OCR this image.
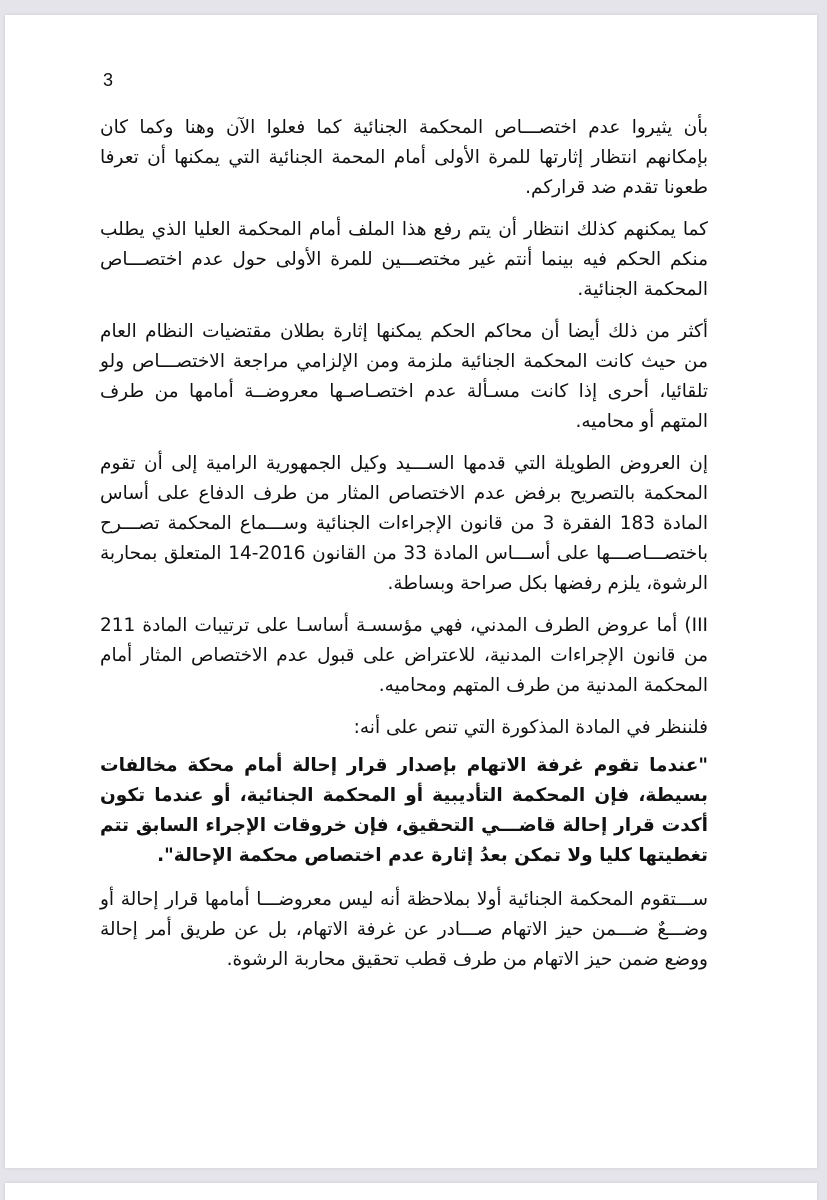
3

بأن يثيروا عدم اختصـــاص المحكمة الجنائية كما فعلوا الآن وهنا وكما كان بإمكانهم انتظار إثارتها للمرة الأولى أمام المحمة الجنائية التي يمكنها أن تعرفا طعونا تقدم ضد قراركم.

كما يمكنهم كذلك انتظار أن يتم رفع هذا الملف أمام المحكمة العليا الذي يطلب منكم الحكم فيه بينما أنتم غير مختصـــين للمرة الأولى حول عدم اختصـــاص المحكمة الجنائية.

أكثر من ذلك أيضا أن محاكم الحكم يمكنها إثارة بطلان مقتضيات النظام العام من حيث كانت المحكمة الجنائية ملزمة ومن الإلزامي مراجعة الاختصـــاص ولو تلقائيا، أحرى إذا كانت مسـألة عدم اختصـاصـها معروضــة أمامها من طرف المتهم أو محاميه.

إن العروض الطويلة التي قدمها الســـيد وكيل الجمهورية الرامية إلى أن تقوم المحكمة بالتصريح برفض عدم الاختصاص المثار من طرف الدفاع على أساس المادة 183 الفقرة 3 من قانون الإجراءات الجنائية وســـماع المحكمة تصـــرح باختصـــاصـــها على أســـاس المادة 33 من القانون 2016-14 المتعلق بمحاربة الرشوة، يلزم رفضها بكل صراحة وبساطة.

III) أما عروض الطرف المدني، فهي مؤسسـة أساسـا على ترتيبات المادة 211 من قانون الإجراءات المدنية، للاعتراض على قبول عدم الاختصاص المثار أمام المحكمة المدنية من طرف المتهم ومحاميه.

فلننظر في المادة المذكورة التي تنص على أنه:

"عندما تقوم غرفة الاتهام بإصدار قرار إحالة أمام محكة مخالفات بسيطة، فإن المحكمة التأديبية أو المحكمة الجنائية، أو عندما تكون أكدت قرار إحالة قاضـــي التحقيق، فإن خروقات الإجراء السابق تتم تغطيتها كليا ولا تمكن بعدُ إثارة عدم اختصاص محكمة الإحالة".

ســـتقوم المحكمة الجنائية أولا بملاحظة أنه ليس معروضـــا أمامها قرار إحالة أو وضـــعٌ ضـــمن حيز الاتهام صـــادر عن غرفة الاتهام، بل عن طريق أمر إحالة ووضع ضمن حيز الاتهام من طرف قطب تحقيق محاربة الرشوة.
